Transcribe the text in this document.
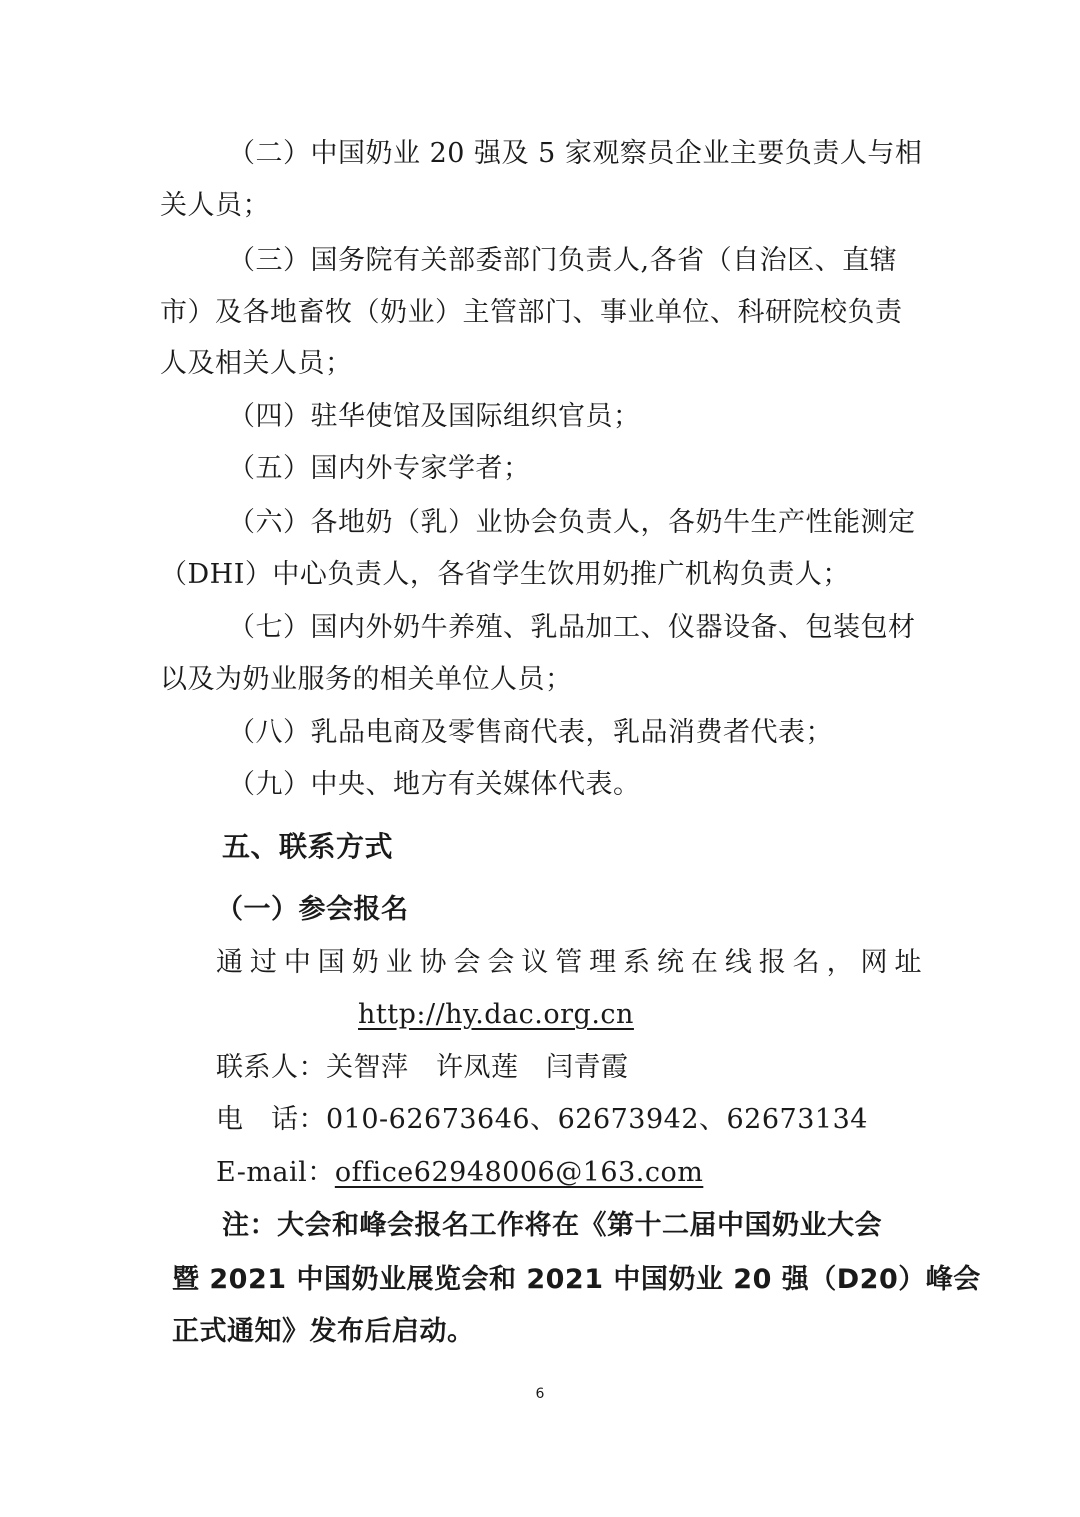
（二）中国奶业 20 强及 5 家观察员企业主要负责人与相
关人员；
（三）国务院有关部委部门负责人,各省（自治区、直辖
市）及各地畜牧（奶业）主管部门、事业单位、科研院校负责
人及相关人员；
（四）驻华使馆及国际组织官员；
（五）国内外专家学者；
（六）各地奶（乳）业协会负责人，各奶牛生产性能测定
（DHI）中心负责人，各省学生饮用奶推广机构负责人；
（七）国内外奶牛养殖、乳品加工、仪器设备、包装包材
以及为奶业服务的相关单位人员；
（八）乳品电商及零售商代表，乳品消费者代表；
（九）中央、地方有关媒体代表。
五、联系方式
（一）参会报名
通 过 中 国 奶 业 协 会 会 议 管 理 系 统 在 线 报 名 ， 网 址
http://hy.dac.org.cn
联系人：关智萍　许凤莲　闫青霞
电　话：010-62673646、62673942、62673134
E-mail：office62948006@163.com
注：大会和峰会报名工作将在《第十二届中国奶业大会
暨 2021 中国奶业展览会和 2021 中国奶业 20 强（D20）峰会
正式通知》发布后启动。
6
